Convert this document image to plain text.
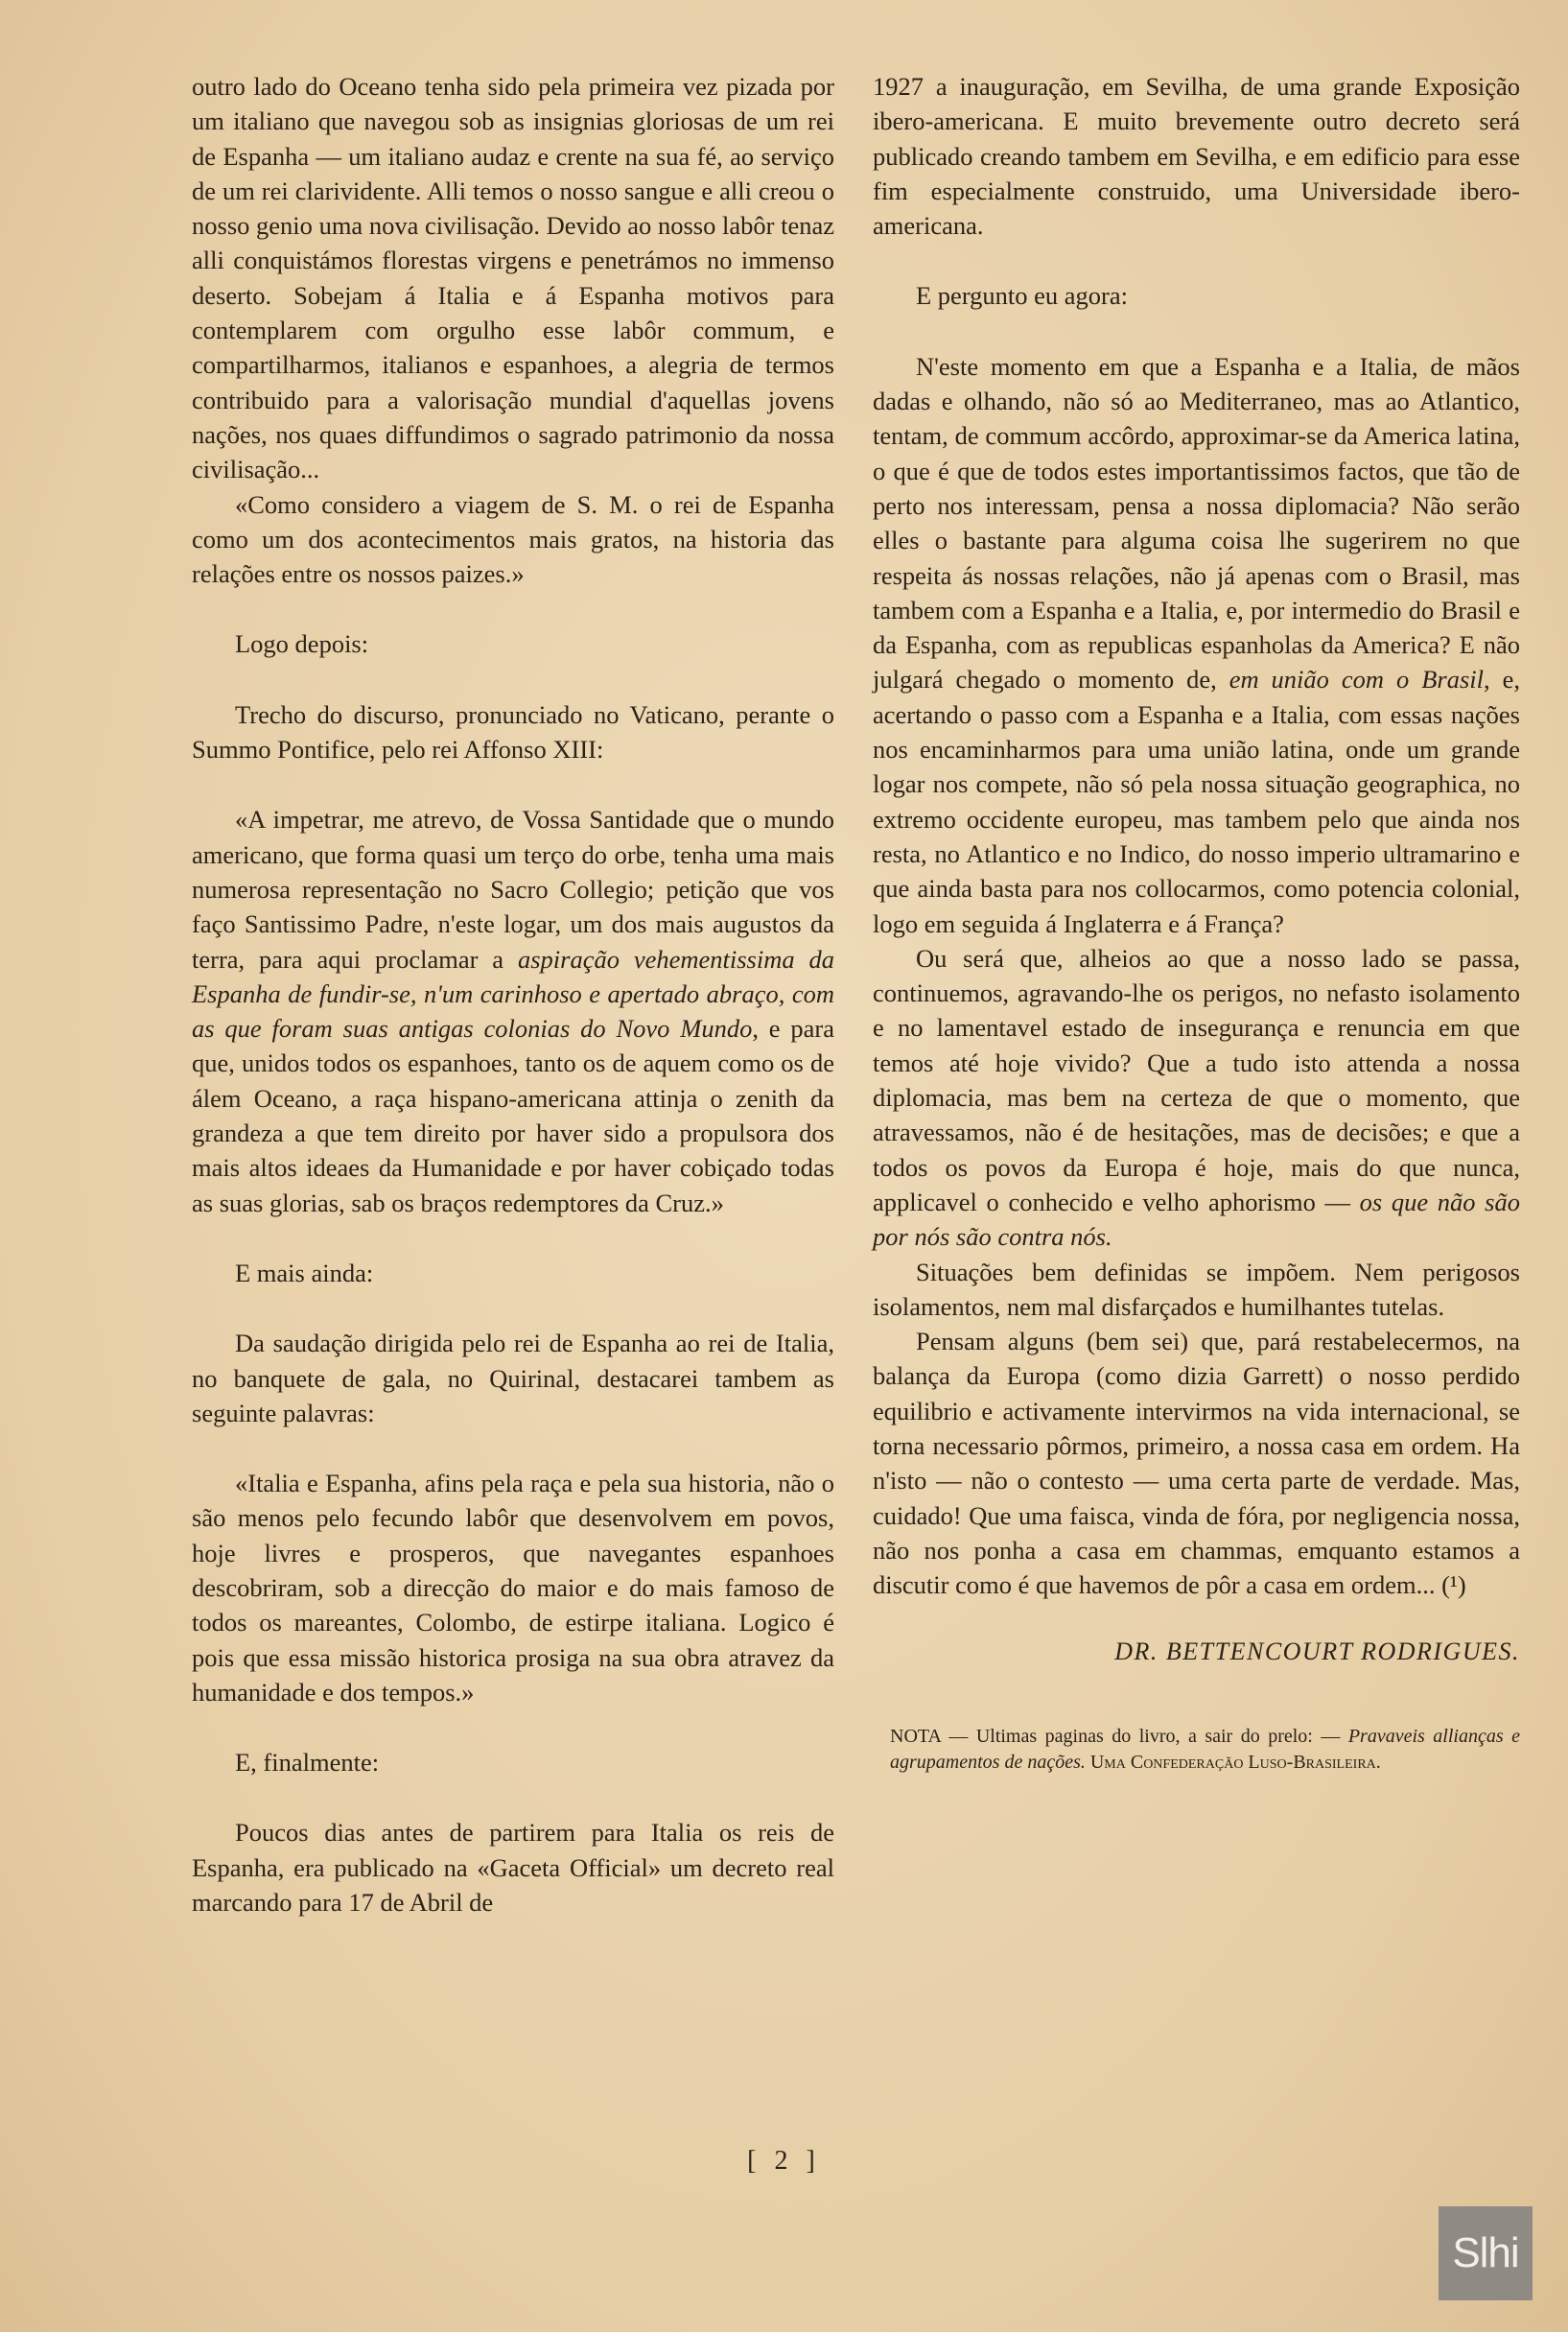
outro lado do Oceano tenha sido pela primeira vez pizada por um italiano que navegou sob as insignias gloriosas de um rei de Espanha — um italiano audaz e crente na sua fé, ao serviço de um rei clarividente. Alli temos o nosso sangue e alli creou o nosso genio uma nova civilisação. Devido ao nosso labôr tenaz alli conquistámos florestas virgens e penetrámos no immenso deserto. Sobejam á Italia e á Espanha motivos para contemplarem com orgulho esse labôr commum, e compartilharmos, italianos e espanhoes, a alegria de termos contribuido para a valorisação mundial d'aquellas jovens nações, nos quaes diffundimos o sagrado patrimonio da nossa civilisação...

«Como considero a viagem de S. M. o rei de Espanha como um dos acontecimentos mais gratos, na historia das relações entre os nossos paizes.»

Logo depois:

Trecho do discurso, pronunciado no Vaticano, perante o Summo Pontifice, pelo rei Affonso XIII:

«A impetrar, me atrevo, de Vossa Santidade que o mundo americano, que forma quasi um terço do orbe, tenha uma mais numerosa representação no Sacro Collegio; petição que vos faço Santissimo Padre, n'este logar, um dos mais augustos da terra, para aqui proclamar a aspiração vehementissima da Espanha de fundir-se, n'um carinhoso e apertado abraço, com as que foram suas antigas colonias do Novo Mundo, e para que, unidos todos os espanhoes, tanto os de aquem como os de álem Oceano, a raça hispano-americana attinja o zenith da grandeza a que tem direito por haver sido a propulsora dos mais altos ideaes da Humanidade e por haver cobiçado todas as suas glorias, sab os braços redemptores da Cruz.»

E mais ainda:

Da saudação dirigida pelo rei de Espanha ao rei de Italia, no banquete de gala, no Quirinal, destacarei tambem as seguinte palavras:

«Italia e Espanha, afins pela raça e pela sua historia, não o são menos pelo fecundo labôr que desenvolvem em povos, hoje livres e prosperos, que navegantes espanhoes descobriram, sob a direcção do maior e do mais famoso de todos os mareantes, Colombo, de estirpe italiana. Logico é pois que essa missão historica prosiga na sua obra atravez da humanidade e dos tempos.»

E, finalmente:

Poucos dias antes de partirem para Italia os reis de Espanha, era publicado na «Gaceta Official» um decreto real marcando para 17 de Abril de

1927 a inauguração, em Sevilha, de uma grande Exposição ibero-americana. E muito brevemente outro decreto será publicado creando tambem em Sevilha, e em edificio para esse fim especialmente construido, uma Universidade ibero-americana.

E pergunto eu agora:

N'este momento em que a Espanha e a Italia, de mãos dadas e olhando, não só ao Mediterraneo, mas ao Atlantico, tentam, de commum accôrdo, approximar-se da America latina, o que é que de todos estes importantissimos factos, que tão de perto nos interessam, pensa a nossa diplomacia? Não serão elles o bastante para alguma coisa lhe sugerirem no que respeita ás nossas relações, não já apenas com o Brasil, mas tambem com a Espanha e a Italia, e, por intermedio do Brasil e da Espanha, com as republicas espanholas da America? E não julgará chegado o momento de, em união com o Brasil, e, acertando o passo com a Espanha e a Italia, com essas nações nos encaminharmos para uma união latina, onde um grande logar nos compete, não só pela nossa situação geographica, no extremo occidente europeu, mas tambem pelo que ainda nos resta, no Atlantico e no Indico, do nosso imperio ultramarino e que ainda basta para nos collocarmos, como potencia colonial, logo em seguida á Inglaterra e á França?

Ou será que, alheios ao que a nosso lado se passa, continuemos, agravando-lhe os perigos, no nefasto isolamento e no lamentavel estado de insegurança e renuncia em que temos até hoje vivido? Que a tudo isto attenda a nossa diplomacia, mas bem na certeza de que o momento, que atravessamos, não é de hesitações, mas de decisões; e que a todos os povos da Europa é hoje, mais do que nunca, applicavel o conhecido e velho aphorismo — os que não são por nós são contra nós.

Situações bem definidas se impõem. Nem perigosos isolamentos, nem mal disfarçados e humilhantes tutelas.

Pensam alguns (bem sei) que, pará restabelecermos, na balança da Europa (como dizia Garrett) o nosso perdido equilibrio e activamente intervirmos na vida internacional, se torna necessario pôrmos, primeiro, a nossa casa em ordem. Ha n'isto — não o contesto — uma certa parte de verdade. Mas, cuidado! Que uma faisca, vinda de fóra, por negligencia nossa, não nos ponha a casa em chammas, emquanto estamos a discutir como é que havemos de pôr a casa em ordem... (¹)

DR. BETTENCOURT RODRIGUES.

NOTA — Ultimas paginas do livro, a sair do prelo: — Pravaveis allianças e agrupamentos de nações. Uma Confederação Luso-Brasileira.

[ 2 ]
Slhi
